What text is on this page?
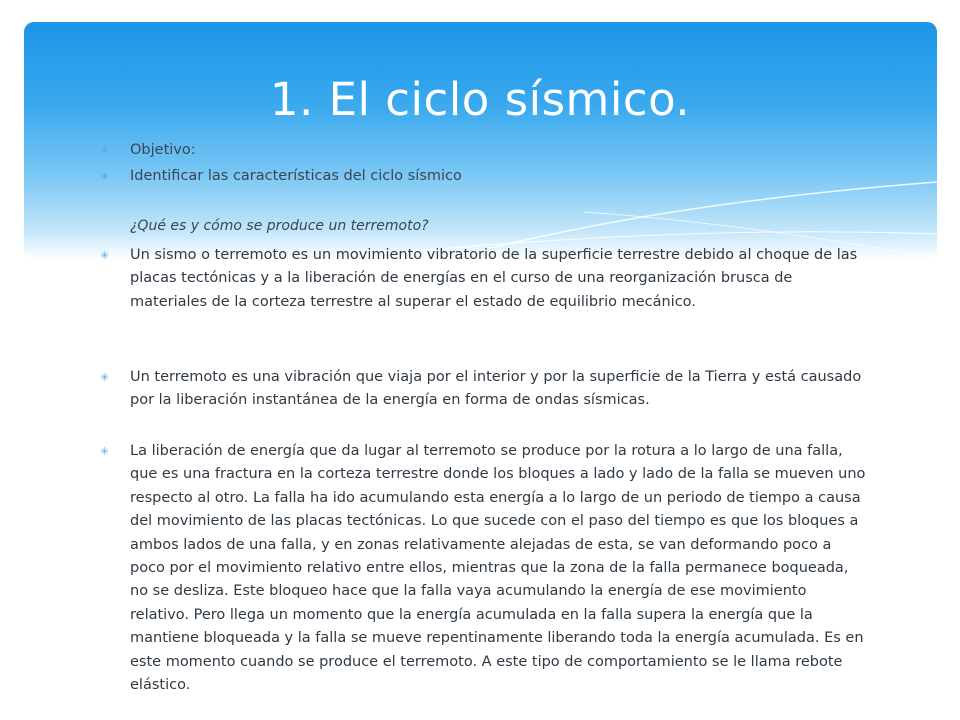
1. El ciclo sísmico.
✳	Objetivo:
✳	Identificar las características del ciclo sísmico
¿Qué es y cómo se produce un terremoto?
✳	Un sismo o terremoto es un movimiento vibratorio de la superficie terrestre debido al choque de las placas tectónicas y a la liberación de energías en el curso de una reorganización brusca de materiales de la corteza terrestre al superar el estado de equilibrio mecánico.
✳	Un terremoto es una vibración que viaja por el interior y por la superficie de la Tierra y está causado por la liberación instantánea de la energía en forma de ondas sísmicas.
✳	La liberación de energía que da lugar al terremoto se produce por la rotura a lo largo de una falla, que es una fractura en la corteza terrestre donde los bloques a lado y lado de la falla se mueven uno respecto al otro. La falla ha ido acumulando esta energía a lo largo de un periodo de tiempo a causa del movimiento de las placas tectónicas. Lo que sucede con el paso del tiempo es que los bloques a ambos lados de una falla, y en zonas relativamente alejadas de esta, se van deformando poco a poco por el movimiento relativo entre ellos, mientras que la zona de la falla permanece boqueada, no se desliza. Este bloqueo hace que la falla vaya acumulando la energía de ese movimiento relativo. Pero llega un momento que la energía acumulada en la falla supera la energía que la mantiene bloqueada y la falla se mueve repentinamente liberando toda la energía acumulada. Es en este momento cuando se produce el terremoto. A este tipo de comportamiento se le llama rebote elástico.
